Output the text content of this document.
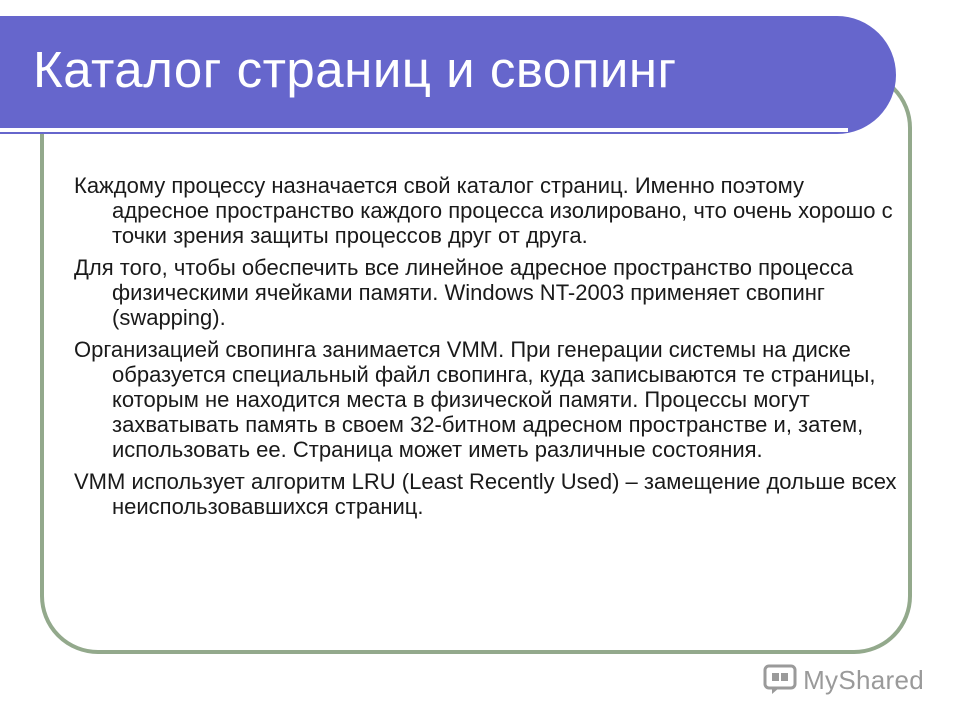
Каталог страниц и свопинг

Каждому процессу назначается свой каталог страниц. Именно поэтому адресное пространство каждого процесса изолировано, что очень хорошо с точки зрения защиты процессов друг от друга.

Для того, чтобы обеспечить все линейное адресное пространство процесса физическими ячейками памяти. Windows NT-2003 применяет свопинг (swapping).

Организацией свопинга занимается VMM. При генерации системы на диске образуется специальный файл свопинга, куда записываются те страницы, которым не находится места в физической памяти. Процессы могут захватывать память в своем 32-битном адресном пространстве и, затем, использовать ее. Страница может иметь различные состояния.

VMM использует алгоритм LRU (Least Recently Used) – замещение дольше всех неиспользовавшихся страниц.

MyShared
